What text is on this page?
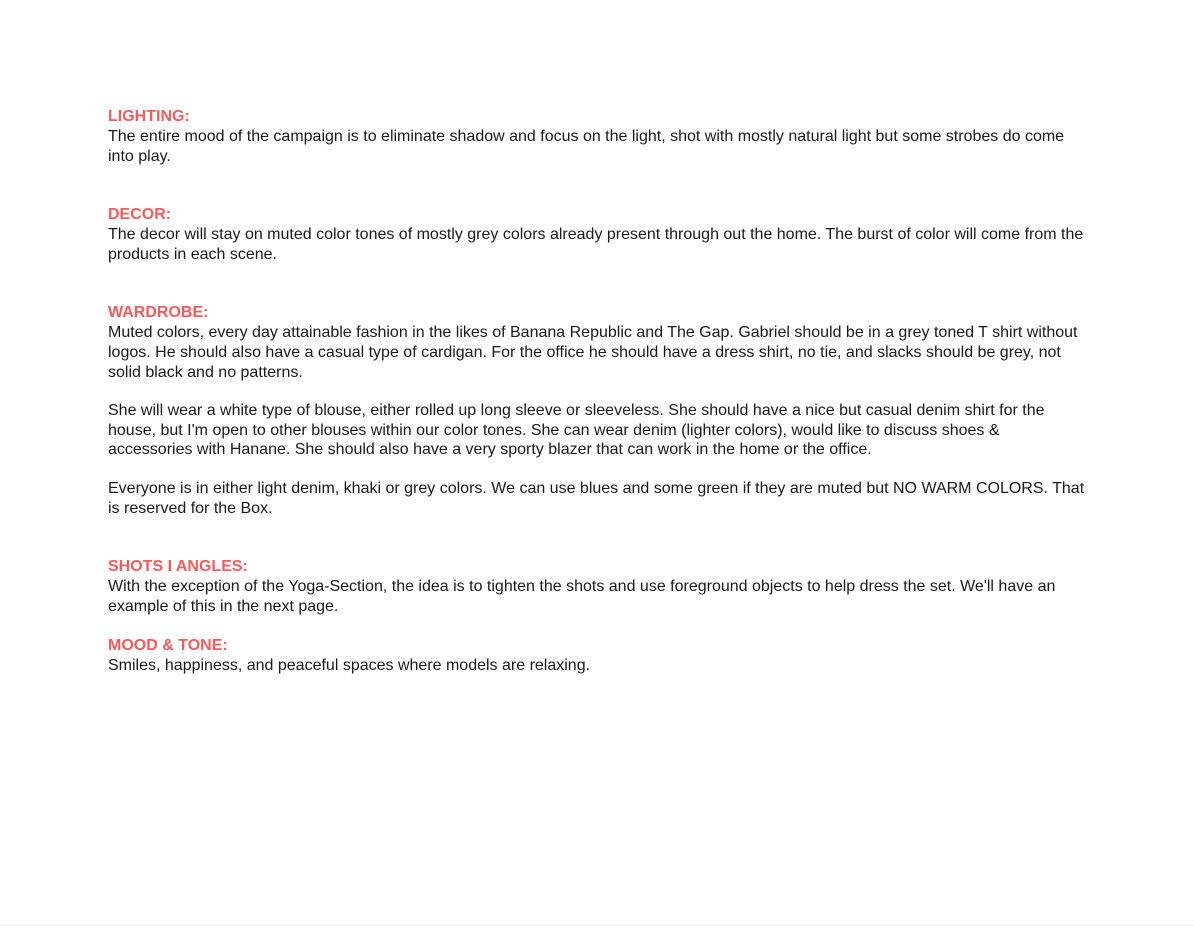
LIGHTING:

The entire mood of the campaign is to eliminate shadow and focus on the light, shot with mostly natural light but some strobes do come into play.

DECOR:

The decor will stay on muted color tones of mostly grey colors already present through out the home. The burst of color will come from the products in each scene.

WARDROBE:

Muted colors, every day attainable fashion in the likes of Banana Republic and The Gap. Gabriel should be in a grey toned T shirt without logos. He should also have a casual type of cardigan. For the office he should have a dress shirt, no tie, and slacks should be grey, not solid black and no patterns.

She will wear a white type of blouse, either rolled up long sleeve or sleeveless. She should have a nice but casual denim shirt for the house, but I'm open to other blouses within our color tones. She can wear denim (lighter colors), would like to discuss shoes & accessories with Hanane. She should also have a very sporty blazer that can work in the home or the office.

Everyone is in either light denim, khaki or grey colors. We can use blues and some green if they are muted but NO WARM COLORS. That is reserved for the Box.

SHOTS I ANGLES:

With the exception of the Yoga-Section, the idea is to tighten the shots and use foreground objects to help dress the set. We'll have an example of this in the next page.

MOOD & TONE:

Smiles, happiness, and peaceful spaces where models are relaxing.
